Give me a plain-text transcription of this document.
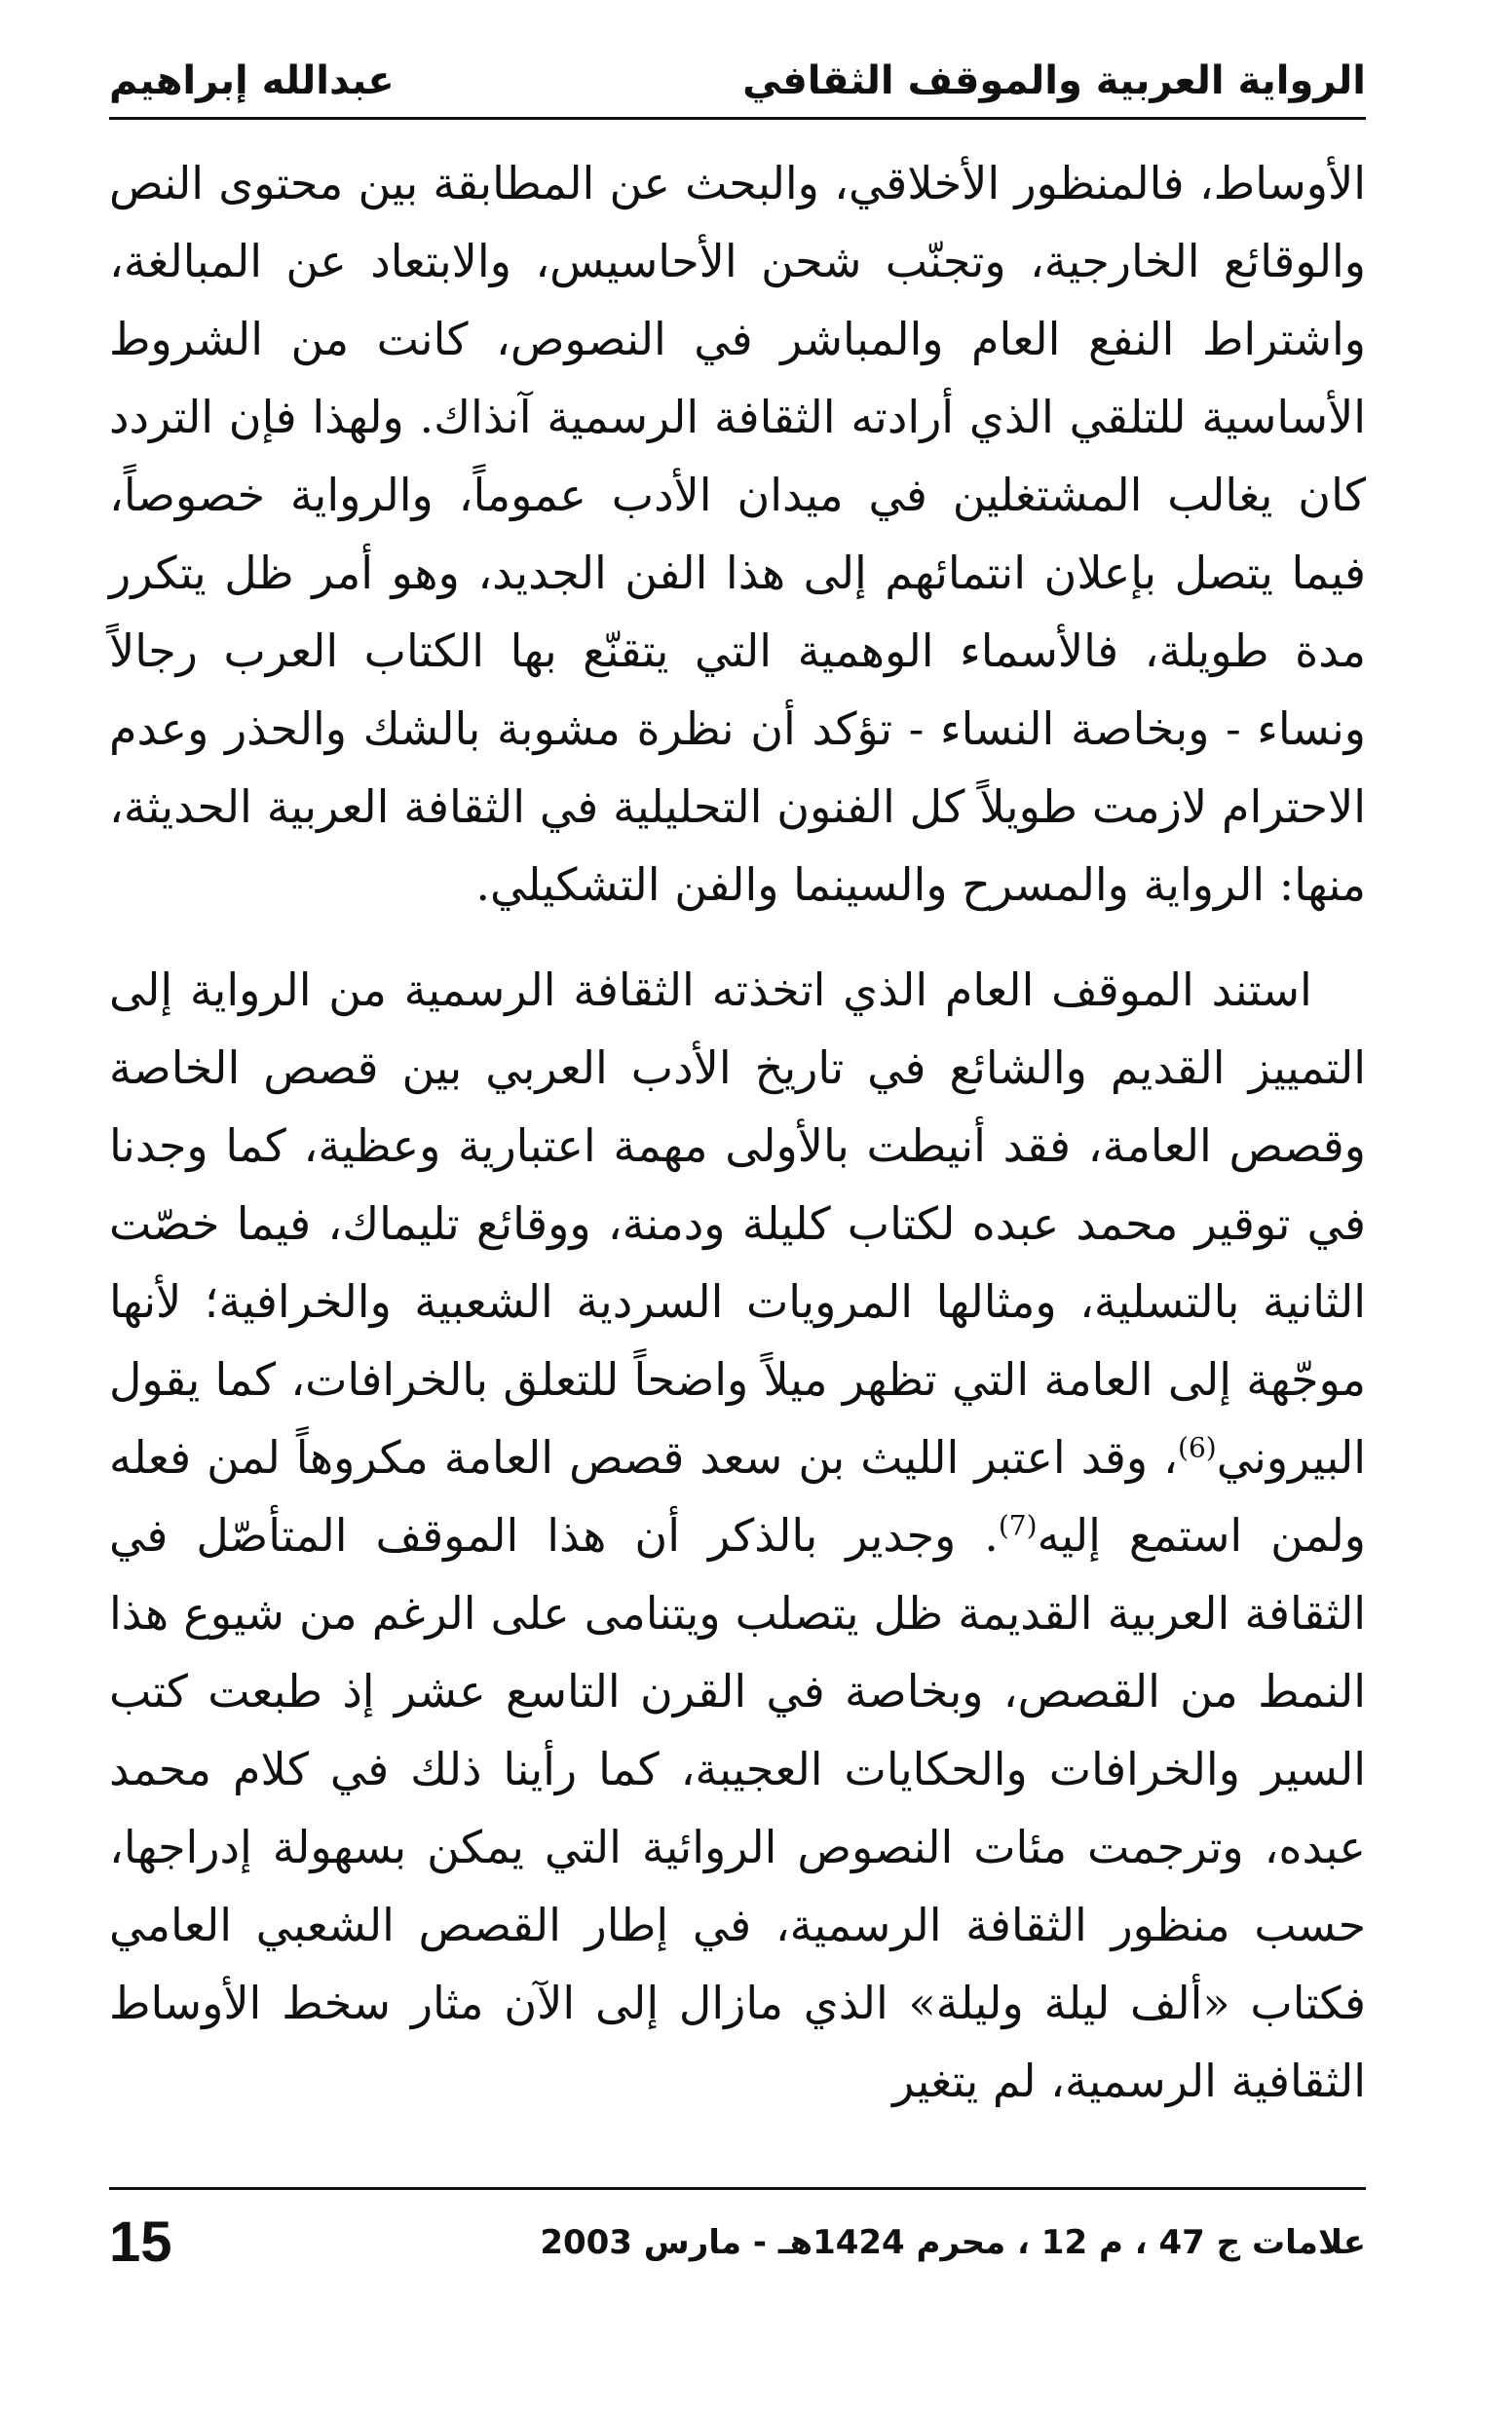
الرواية العربية والموقف الثقافي
عبدالله إبراهيم

الأوساط، فالمنظور الأخلاقي، والبحث عن المطابقة بين محتوى النص والوقائع الخارجية، وتجنّب شحن الأحاسيس، والابتعاد عن المبالغة، واشتراط النفع العام والمباشر في النصوص، كانت من الشروط الأساسية للتلقي الذي أرادته الثقافة الرسمية آنذاك. ولهذا فإن التردد كان يغالب المشتغلين في ميدان الأدب عموماً، والرواية خصوصاً، فيما يتصل بإعلان انتمائهم إلى هذا الفن الجديد، وهو أمر ظل يتكرر مدة طويلة، فالأسماء الوهمية التي يتقنّع بها الكتاب العرب رجالاً ونساء - وبخاصة النساء - تؤكد أن نظرة مشوبة بالشك والحذر وعدم الاحترام لازمت طويلاً كل الفنون التحليلية في الثقافة العربية الحديثة، منها: الرواية والمسرح والسينما والفن التشكيلي.

استند الموقف العام الذي اتخذته الثقافة الرسمية من الرواية إلى التمييز القديم والشائع في تاريخ الأدب العربي بين قصص الخاصة وقصص العامة، فقد أنيطت بالأولى مهمة اعتبارية وعظية، كما وجدنا في توقير محمد عبده لكتاب كليلة ودمنة، ووقائع تليماك، فيما خصّت الثانية بالتسلية، ومثالها المرويات السردية الشعبية والخرافية؛ لأنها موجّهة إلى العامة التي تظهر ميلاً واضحاً للتعلق بالخرافات، كما يقول البيروني$^{(6)}$، وقد اعتبر الليث بن سعد قصص العامة مكروهاً لمن فعله ولمن استمع إليه$^{(7)}$. وجدير بالذكر أن هذا الموقف المتأصّل في الثقافة العربية القديمة ظل يتصلب ويتنامى على الرغم من شيوع هذا النمط من القصص، وبخاصة في القرن التاسع عشر إذ طبعت كتب السير والخرافات والحكايات العجيبة، كما رأينا ذلك في كلام محمد عبده، وترجمت مئات النصوص الروائية التي يمكن بسهولة إدراجها، حسب منظور الثقافة الرسمية، في إطار القصص الشعبي العامي فكتاب «ألف ليلة وليلة» الذي مازال إلى الآن مثار سخط الأوساط الثقافية الرسمية، لم يتغير

15	علامات ج 47 ، م 12 ، محرم 1424هـ - مارس 2003
